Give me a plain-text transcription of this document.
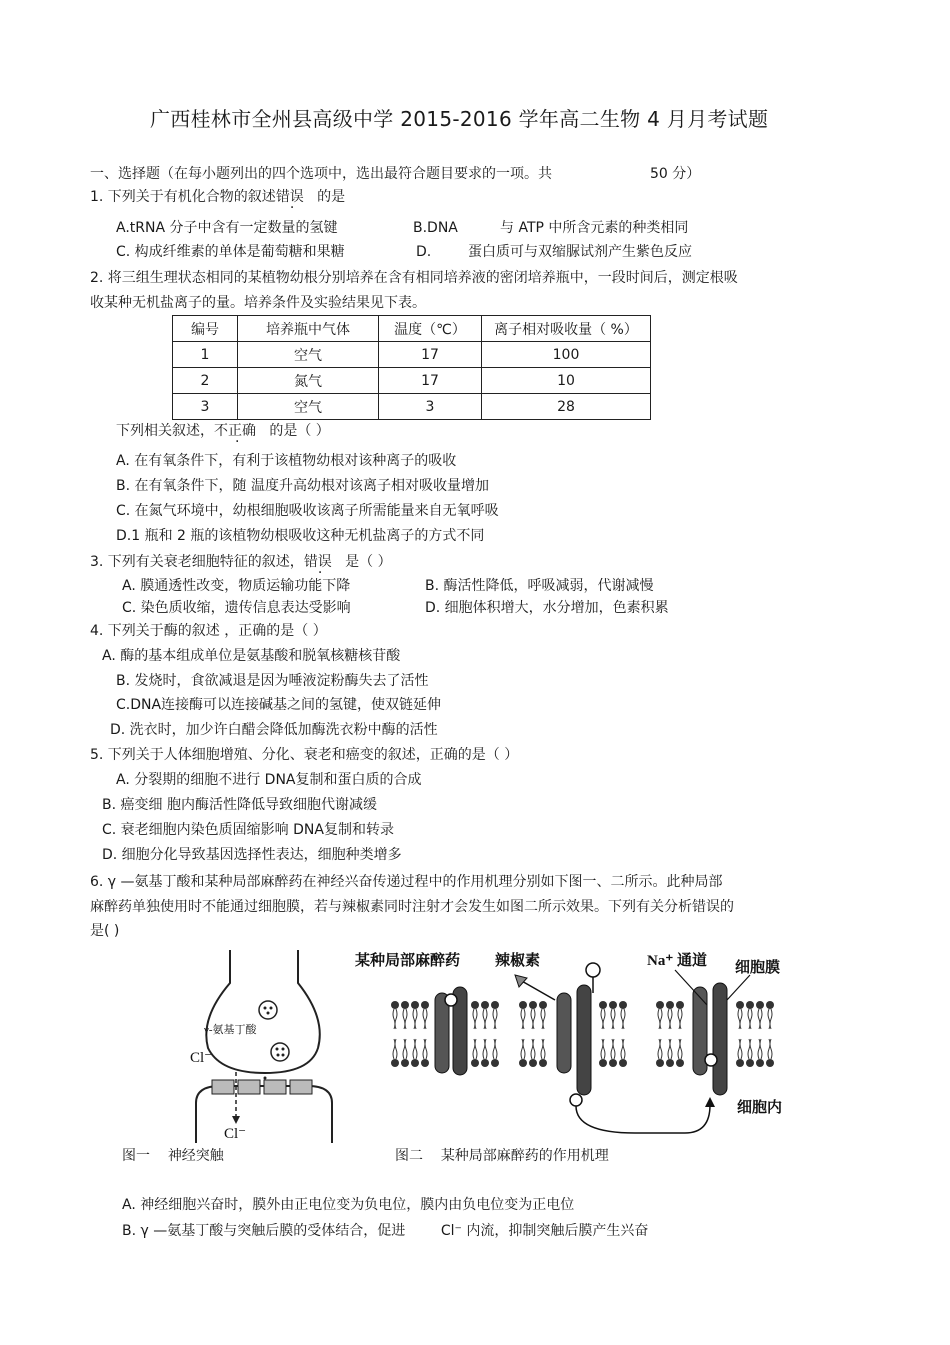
广西桂林市全州县高级中学 2015-2016 学年高二生物 4 月月考试题
一、选择题（在每小题列出的四个选项中，选出最符合题目要求的一项。共	50 分）
1. 下列关于有机化合物的叙述错误 的是
A.tRNA 分子中含有一定数量的氢键	B.DNA	与 ATP 中所含元素的种类相同
C. 构成纤维素的单体是葡萄糖和果糖	D.	蛋白质可与双缩脲试剂产生紫色反应
2. 将三组生理状态相同的某植物幼根分别培养在含有相同培养液的密闭培养瓶中，一段时间后，测定根吸
收某种无机盐离子的量。培养条件及实验结果见下表。
编号	培养瓶中气体	温度（℃）	离子相对吸收量（ %）
1	空气	17	100
2	氮气	17	10
3	空气	3	28
下列相关叙述，不正确 的是（ ）
A. 在有氧条件下，有利于该植物幼根对该种离子的吸收
B. 在有氧条件下，随 温度升高幼根对该离子相对吸收量增加
C. 在氮气环境中，幼根细胞吸收该离子所需能量来自无氧呼吸
D.1 瓶和 2 瓶的该植物幼根吸收这种无机盐离子的方式不同
3. 下列有关衰老细胞特征的叙述，错误 是（ ）
A. 膜通透性改变，物质运输功能下降	B. 酶活性降低，呼吸减弱，代谢减慢
C. 染色质收缩，遗传信息表达受影响	D. 细胞体积增大，水分增加，色素积累
4. 下列关于酶的叙述 ，正确的是（ ）
A. 酶的基本组成单位是氨基酸和脱氧核糖核苷酸
B. 发烧时，食欲减退是因为唾液淀粉酶失去了活性
C.DNA连接酶可以连接碱基之间的氢键，使双链延伸
D. 洗衣时，加少许白醋会降低加酶洗衣粉中酶的活性
5. 下列关于人体细胞增殖、分化、衰老和癌变的叙述，正确的是（ ）
A. 分裂期的细胞不进行 DNA复制和蛋白质的合成
B. 癌变细 胞内酶活性降低导致细胞代谢减缓
C. 衰老细胞内染色质固缩影响 DNA复制和转录
D. 细胞分化导致基因选择性表达，细胞种类增多
6. γ —氨基丁酸和某种局部麻醉药在神经兴奋传递过程中的作用机理分别如下图一、二所示。此种局部
麻醉药单独使用时不能通过细胞膜，若与辣椒素同时注射才会发生如图二所示效果。下列有关分析错误的
是( )
γ-氨基丁酸
Cl⁻
Cl⁻
某种局部麻醉药 辣椒素	Na⁺ 通道 细胞膜
细胞内
图一 神经突触	图二 某种局部麻醉药的作用机理
A. 神经细胞兴奋时，膜外由正电位变为负电位，膜内由负电位变为正电位
B. γ —氨基丁酸与突触后膜的受体结合，促进	Cl⁻ 内流，抑制突触后膜产生兴奋
